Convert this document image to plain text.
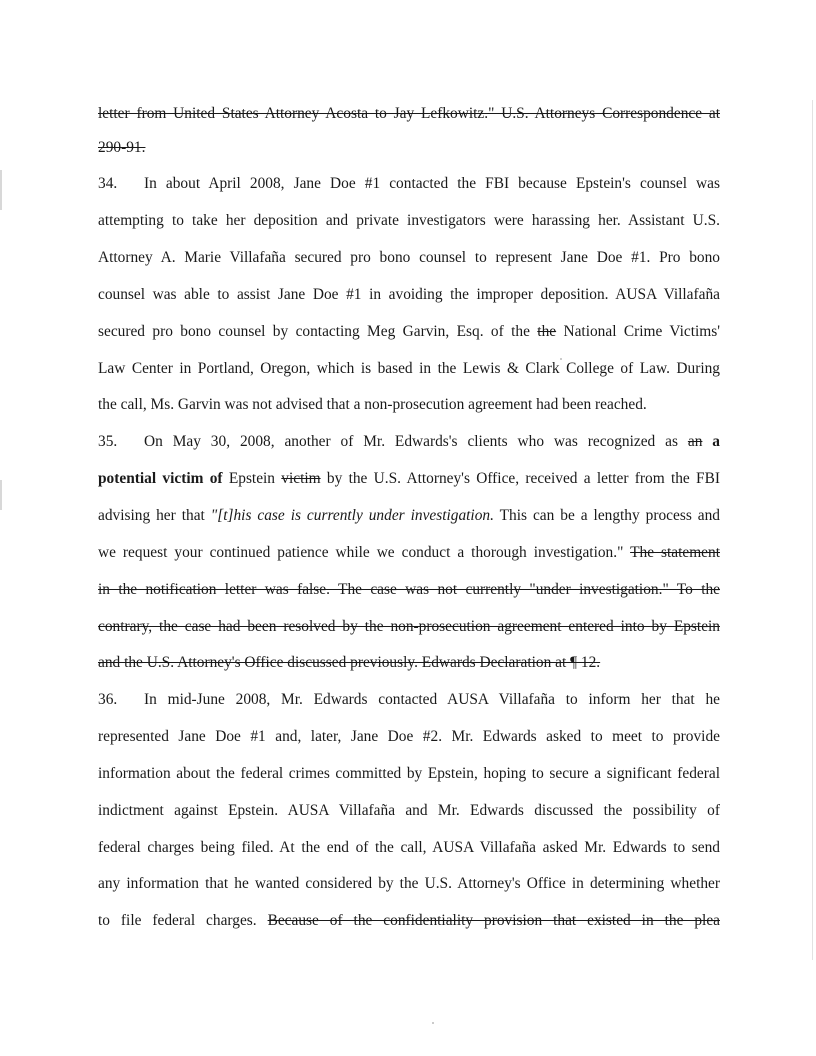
letter from United States Attorney Acosta to Jay Lefkowitz." U.S. Attorneys Correspondence at
290-91.
34. In about April 2008, Jane Doe #1 contacted the FBI because Epstein's counsel was
attempting to take her deposition and private investigators were harassing her. Assistant U.S.
Attorney A. Marie Villafaña secured pro bono counsel to represent Jane Doe #1. Pro bono
counsel was able to assist Jane Doe #1 in avoiding the improper deposition. AUSA Villafaña
secured pro bono counsel by contacting Meg Garvin, Esq. of the the National Crime Victims'
Law Center in Portland, Oregon, which is based in the Lewis & Clark College of Law. During
the call, Ms. Garvin was not advised that a non-prosecution agreement had been reached.
35. On May 30, 2008, another of Mr. Edwards's clients who was recognized as an a
potential victim of Epstein victim by the U.S. Attorney's Office, received a letter from the FBI
advising her that "[t]his case is currently under investigation. This can be a lengthy process and
we request your continued patience while we conduct a thorough investigation." The statement
in the notification letter was false. The case was not currently "under investigation." To the
contrary, the case had been resolved by the non-prosecution agreement entered into by Epstein
and the U.S. Attorney's Office discussed previously. Edwards Declaration at ¶ 12.
36. In mid-June 2008, Mr. Edwards contacted AUSA Villafaña to inform her that he
represented Jane Doe #1 and, later, Jane Doe #2. Mr. Edwards asked to meet to provide
information about the federal crimes committed by Epstein, hoping to secure a significant federal
indictment against Epstein. AUSA Villafaña and Mr. Edwards discussed the possibility of
federal charges being filed. At the end of the call, AUSA Villafaña asked Mr. Edwards to send
any information that he wanted considered by the U.S. Attorney's Office in determining whether
to file federal charges. Because of the confidentiality provision that existed in the plea
